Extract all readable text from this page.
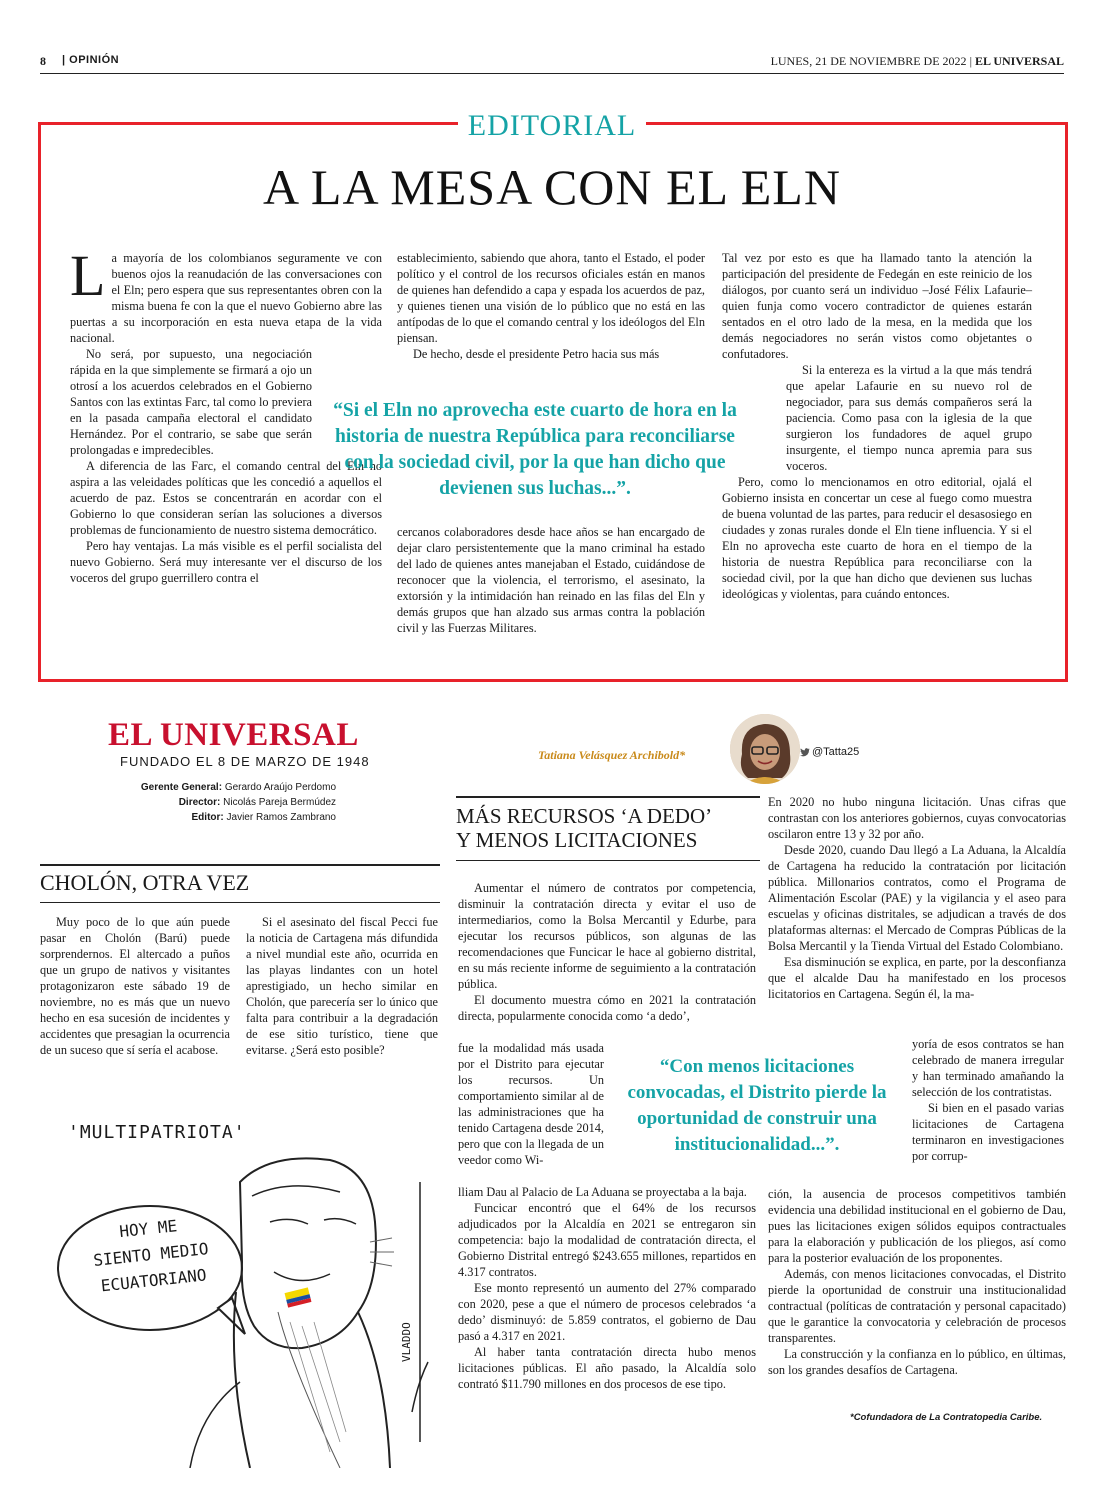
8 | OPINIÓN	LUNES, 21 DE NOVIEMBRE DE 2022 | EL UNIVERSAL
EDITORIAL
A LA MESA CON EL ELN

La mayoría de los colombianos seguramente ve con buenos ojos la reanudación de las conversaciones con el Eln; pero espera que sus representantes obren con la misma buena fe con la que el nuevo Gobierno abre las puertas a su incorporación en esta nueva etapa de la vida nacional.

No será, por supuesto, una negociación rápida en la que simplemente se firmará a ojo un otrosí a los acuerdos celebrados en el Gobierno Santos con las extintas Farc, tal como lo previera en la pasada campaña electoral el candidato Hernández. Por el contrario, se sabe que serán prolongadas e impredecibles.

A diferencia de las Farc, el comando central del Eln no aspira a las veleidades políticas que les concedió a aquellos el acuerdo de paz. Estos se concentrarán en acordar con el Gobierno lo que consideran serían las soluciones a diversos problemas de funcionamiento de nuestro sistema democrático.

Pero hay ventajas. La más visible es el perfil socialista del nuevo Gobierno. Será muy interesante ver el discurso de los voceros del grupo guerrillero contra el

establecimiento, sabiendo que ahora, tanto el Estado, el poder político y el control de los recursos oficiales están en manos de quienes han defendido a capa y espada los acuerdos de paz, y quienes tienen una visión de lo público que no está en las antípodas de lo que el comando central y los ideólogos del Eln piensan.

De hecho, desde el presidente Petro hacia sus más

“Si el Eln no aprovecha este cuarto de hora en la historia de nuestra República para reconciliarse con la sociedad civil, por la que han dicho que devienen sus luchas...”.

cercanos colaboradores desde hace años se han encargado de dejar claro persistentemente que la mano criminal ha estado del lado de quienes antes manejaban el Estado, cuidándose de reconocer que la violencia, el terrorismo, el asesinato, la extorsión y la intimidación han reinado en las filas del Eln y demás grupos que han alzado sus armas contra la población civil y las Fuerzas Militares.

Tal vez por esto es que ha llamado tanto la atención la participación del presidente de Fedegán en este reinicio de los diálogos, por cuanto será un individuo –José Félix Lafaurie– quien funja como vocero contradictor de quienes estarán sentados en el otro lado de la mesa, en la medida que los demás negociadores no serán vistos como objetantes o confutadores.

Si la entereza es la virtud a la que más tendrá que apelar Lafaurie en su nuevo rol de negociador, para sus demás compañeros será la paciencia. Como pasa con la iglesia de la que surgieron los fundadores de aquel grupo insurgente, el tiempo nunca apremia para sus voceros.

Pero, como lo mencionamos en otro editorial, ojalá el Gobierno insista en concertar un cese al fuego como muestra de buena voluntad de las partes, para reducir el desasosiego en ciudades y zonas rurales donde el Eln tiene influencia. Y si el Eln no aprovecha este cuarto de hora en el tiempo de la historia de nuestra República para reconciliarse con la sociedad civil, por la que han dicho que devienen sus luchas ideológicas y violentas, para cuándo entonces.

EL UNIVERSAL
FUNDADO EL 8 DE MARZO DE 1948
Gerente General: Gerardo Araújo Perdomo
Director: Nicolás Pareja Bermúdez
Editor: Javier Ramos Zambrano
CHOLÓN, OTRA VEZ

Muy poco de lo que aún puede pasar en Cholón (Barú) puede sorprendernos. El altercado a puños que un grupo de nativos y visitantes protagonizaron este sábado 19 de noviembre, no es más que un nuevo hecho en esa sucesión de incidentes y accidentes que presagian la ocurrencia de un suceso que sí sería el acabose.

Si el asesinato del fiscal Pecci fue la noticia de Cartagena más difundida a nivel mundial este año, ocurrida en las playas lindantes con un hotel aprestigiado, un hecho similar en Cholón, que parecería ser lo único que falta para contribuir a la degradación de ese sitio turístico, tiene que evitarse. ¿Será esto posible?

HOY ME
SIENTO MEDIO
ECUATORIANO
VLADDO
'MULTIPATRIOTA'
Tatiana Velásquez Archibold*	@Tatta25
MÁS RECURSOS ‘A DEDO’
Y MENOS LICITACIONES

Aumentar el número de contratos por competencia, disminuir la contratación directa y evitar el uso de intermediarios, como la Bolsa Mercantil y Edurbe, para ejecutar los recursos públicos, son algunas de las recomendaciones que Funcicar le hace al gobierno distrital, en su más reciente informe de seguimiento a la contratación pública.

El documento muestra cómo en 2021 la contratación directa, popularmente conocida como ‘a dedo’,

fue la modalidad más usada por el Distrito para ejecutar los recursos. Un comportamiento similar al de las administraciones que ha tenido Cartagena desde 2014, pero que con la llegada de un veedor como Wi-

lliam Dau al Palacio de La Aduana se proyectaba a la baja.

Funcicar encontró que el 64% de los recursos adjudicados por la Alcaldía en 2021 se entregaron sin competencia: bajo la modalidad de contratación directa, el Gobierno Distrital entregó $243.655 millones, repartidos en 4.317 contratos.

Ese monto representó un aumento del 27% comparado con 2020, pese a que el número de procesos celebrados ‘a dedo’ disminuyó: de 5.859 contratos, el gobierno de Dau pasó a 4.317 en 2021.

Al haber tanta contratación directa hubo menos licitaciones públicas. El año pasado, la Alcaldía solo contrató $11.790 millones en dos procesos de ese tipo.

“Con menos licitaciones convocadas, el Distrito pierde la oportunidad de construir una institucionalidad...”.

En 2020 no hubo ninguna licitación. Unas cifras que contrastan con los anteriores gobiernos, cuyas convocatorias oscilaron entre 13 y 32 por año.

Desde 2020, cuando Dau llegó a La Aduana, la Alcaldía de Cartagena ha reducido la contratación por licitación pública. Millonarios contratos, como el Programa de Alimentación Escolar (PAE) y la vigilancia y el aseo para escuelas y oficinas distritales, se adjudican a través de dos plataformas alternas: el Mercado de Compras Públicas de la Bolsa Mercantil y la Tienda Virtual del Estado Colombiano.

Esa disminución se explica, en parte, por la desconfianza que el alcalde Dau ha manifestado en los procesos licitatorios en Cartagena. Según él, la ma-

yoría de esos contratos se han celebrado de manera irregular y han terminado amañando la selección de los contratistas.

Si bien en el pasado varias licitaciones de Cartagena terminaron en investigaciones por corrup-

ción, la ausencia de procesos competitivos también evidencia una debilidad institucional en el gobierno de Dau, pues las licitaciones exigen sólidos equipos contractuales para la elaboración y publicación de los pliegos, así como para la posterior evaluación de los proponentes.

Además, con menos licitaciones convocadas, el Distrito pierde la oportunidad de construir una institucionalidad contractual (políticas de contratación y personal capacitado) que le garantice la convocatoria y celebración de procesos transparentes.

La construcción y la confianza en lo público, en últimas, son los grandes desafíos de Cartagena.

*Cofundadora de La Contratopedia Caribe.
